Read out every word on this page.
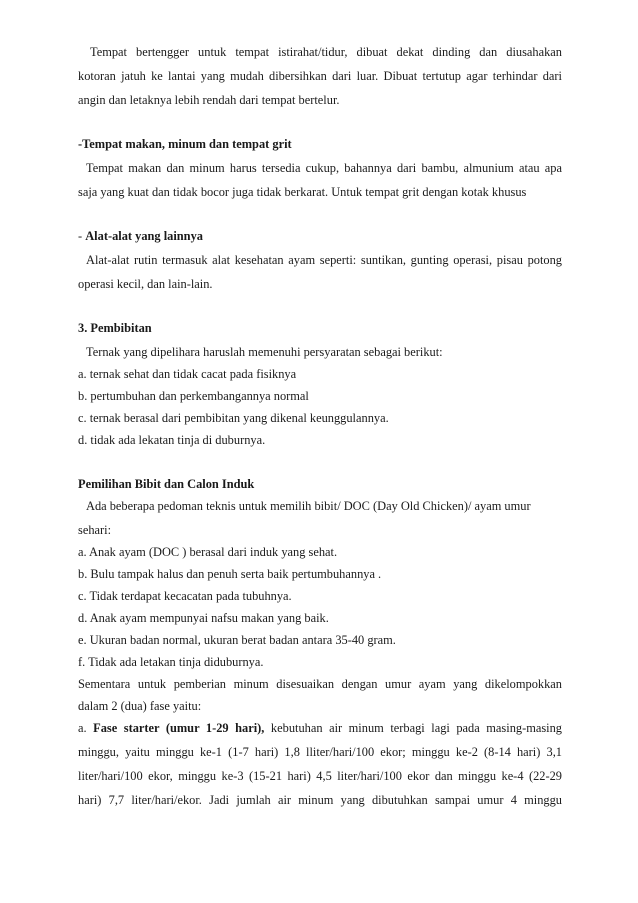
Tempat bertengger untuk tempat istirahat/tidur, dibuat dekat dinding dan diusahakan
kotoran jatuh ke lantai yang mudah dibersihkan dari luar. Dibuat tertutup agar terhindar dari
angin dan letaknya lebih rendah dari tempat bertelur.
-Tempat makan, minum dan tempat grit
Tempat makan dan minum harus tersedia cukup, bahannya dari bambu, almunium atau apa
saja yang kuat dan tidak bocor juga tidak berkarat. Untuk tempat grit dengan kotak khusus
- Alat-alat yang lainnya
Alat-alat rutin termasuk alat kesehatan ayam seperti: suntikan, gunting operasi, pisau potong
operasi kecil, dan lain-lain.
3. Pembibitan
Ternak yang dipelihara haruslah memenuhi persyaratan sebagai berikut:
a. ternak sehat dan tidak cacat pada fisiknya
b. pertumbuhan dan perkembangannya normal
c. ternak berasal dari pembibitan yang dikenal keunggulannya.
d. tidak ada lekatan tinja di duburnya.
Pemilihan Bibit dan Calon Induk
Ada beberapa pedoman teknis untuk memilih bibit/ DOC (Day Old Chicken)/ ayam umur
sehari:
a. Anak ayam (DOC ) berasal dari induk yang sehat.
b. Bulu tampak halus dan penuh serta baik pertumbuhannya .
c. Tidak terdapat kecacatan pada tubuhnya.
d. Anak ayam mempunyai nafsu makan yang baik.
e. Ukuran badan normal, ukuran berat badan antara 35-40 gram.
f. Tidak ada letakan tinja diduburnya.
Sementara untuk pemberian minum disesuaikan dengan umur ayam yang dikelompokkan
dalam 2 (dua) fase yaitu:
a. Fase starter (umur 1-29 hari), kebutuhan air minum terbagi lagi pada masing-masing
minggu, yaitu minggu ke-1 (1-7 hari) 1,8 lliter/hari/100 ekor; minggu ke-2 (8-14 hari) 3,1
liter/hari/100 ekor, minggu ke-3 (15-21 hari) 4,5 liter/hari/100 ekor dan minggu ke-4 (22-29
hari) 7,7 liter/hari/ekor. Jadi jumlah air minum yang dibutuhkan sampai umur 4 minggu
